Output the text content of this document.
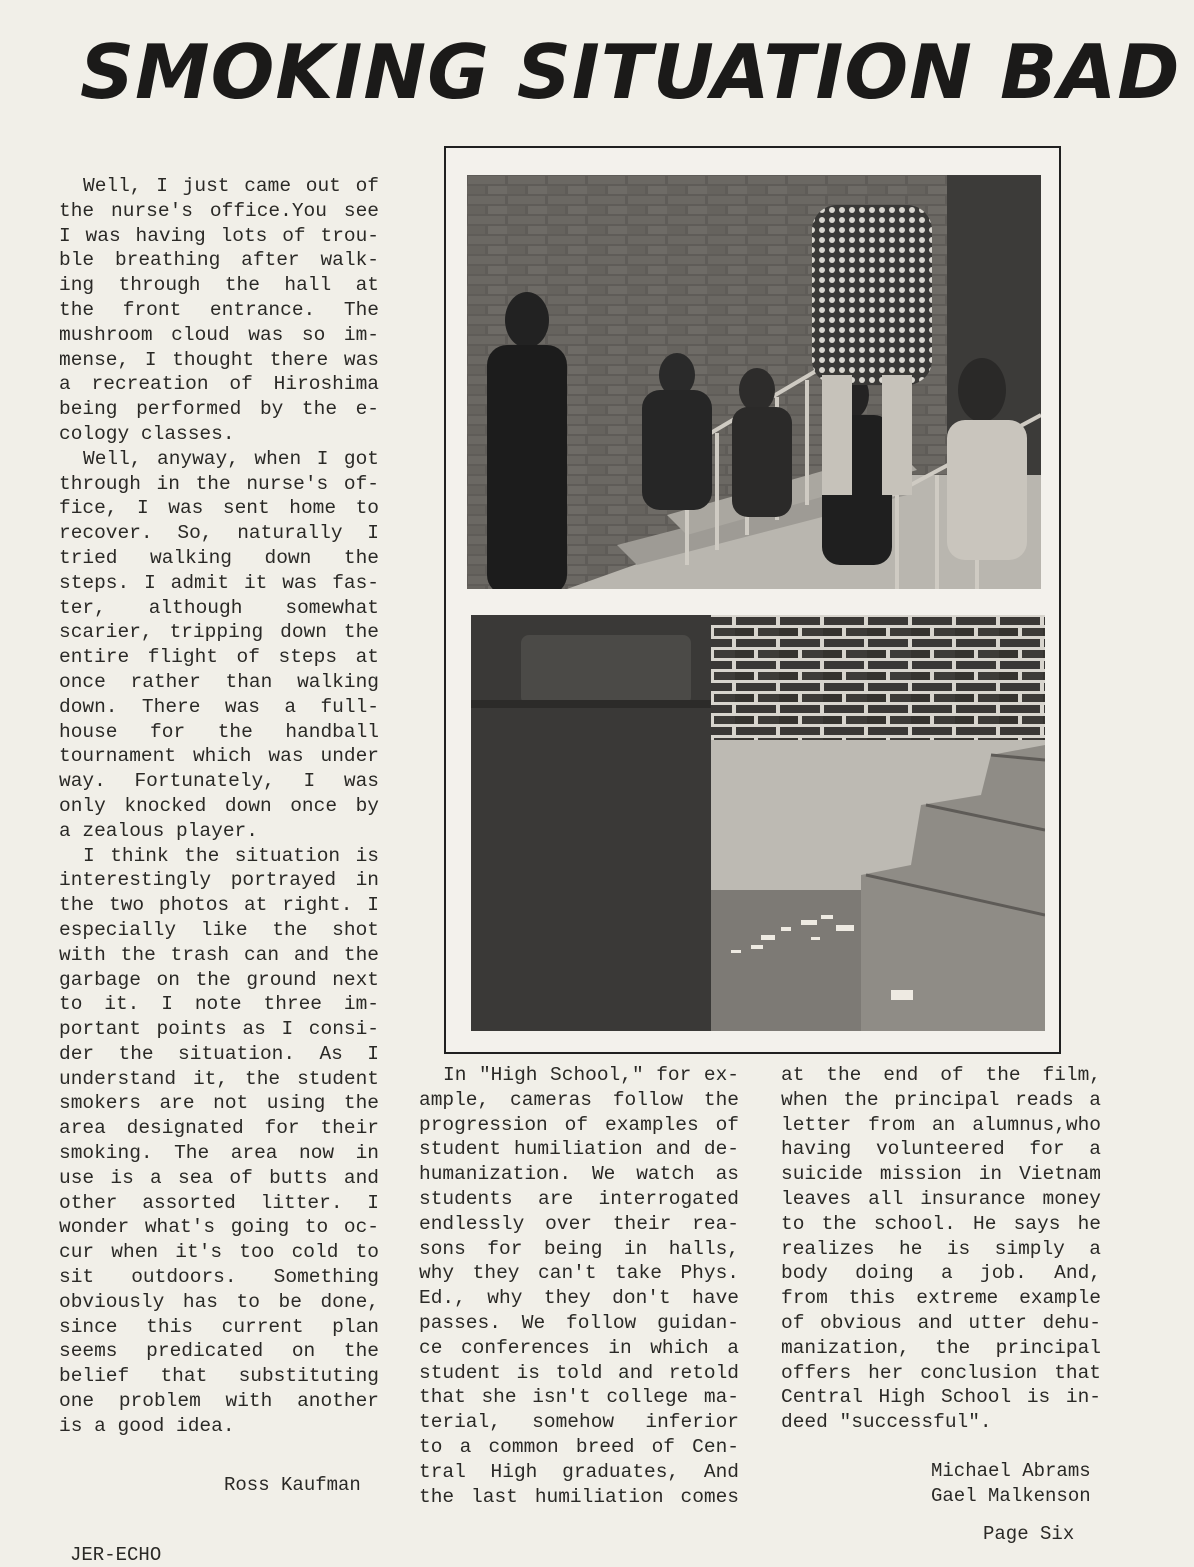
SMOKING SITUATION BAD
Well, I just came out of
the nurse's office.You see
I was having lots of trou-
ble breathing after walk-
ing through the hall at
the front entrance. The
mushroom cloud was so im-
mense, I thought there was
a recreation of Hiroshima
being performed by the e-
cology classes.
Well, anyway, when I got
through in the nurse's of-
fice, I was sent home to
recover. So, naturally I
tried walking down the
steps. I admit it was fas-
ter, although somewhat
scarier, tripping down the
entire flight of steps at
once rather than walking
down. There was a full-
house for the handball
tournament which was under
way. Fortunately, I was
only knocked down once by
a zealous player.
I think the situation is
interestingly portrayed in
the two photos at right. I
especially like the shot
with the trash can and the
garbage on the ground next
to it. I note three im-
portant points as I consi-
der the situation. As I
understand it, the student
smokers are not using the
area designated for their
smoking. The area now in
use is a sea of butts and
other assorted litter. I
wonder what's going to oc-
cur when it's too cold to
sit outdoors. Something
obviously has to be done,
since this current plan
seems predicated on the
belief that substituting
one problem with another
is a good idea.
Ross Kaufman
In "High School," for ex-
ample, cameras follow the
progression of examples of
student humiliation and de-
humanization. We watch as
students are interrogated
endlessly over their rea-
sons for being in halls,
why they can't take Phys.
Ed., why they don't have
passes. We follow guidan-
ce conferences in which a
student is told and retold
that she isn't college ma-
terial, somehow inferior
to a common breed of Cen-
tral High graduates, And
the last humiliation comes
at the end of the film,
when the principal reads a
letter from an alumnus,who
having volunteered for a
suicide mission in Vietnam
leaves all insurance money
to the school. He says he
realizes he is simply a
body doing a job. And,
from this extreme example
of obvious and utter dehu-
manization, the principal
offers her conclusion that
Central High School is in-
deed "successful".
Michael Abrams
Gael Malkenson
Page Six
JER-ECHO
